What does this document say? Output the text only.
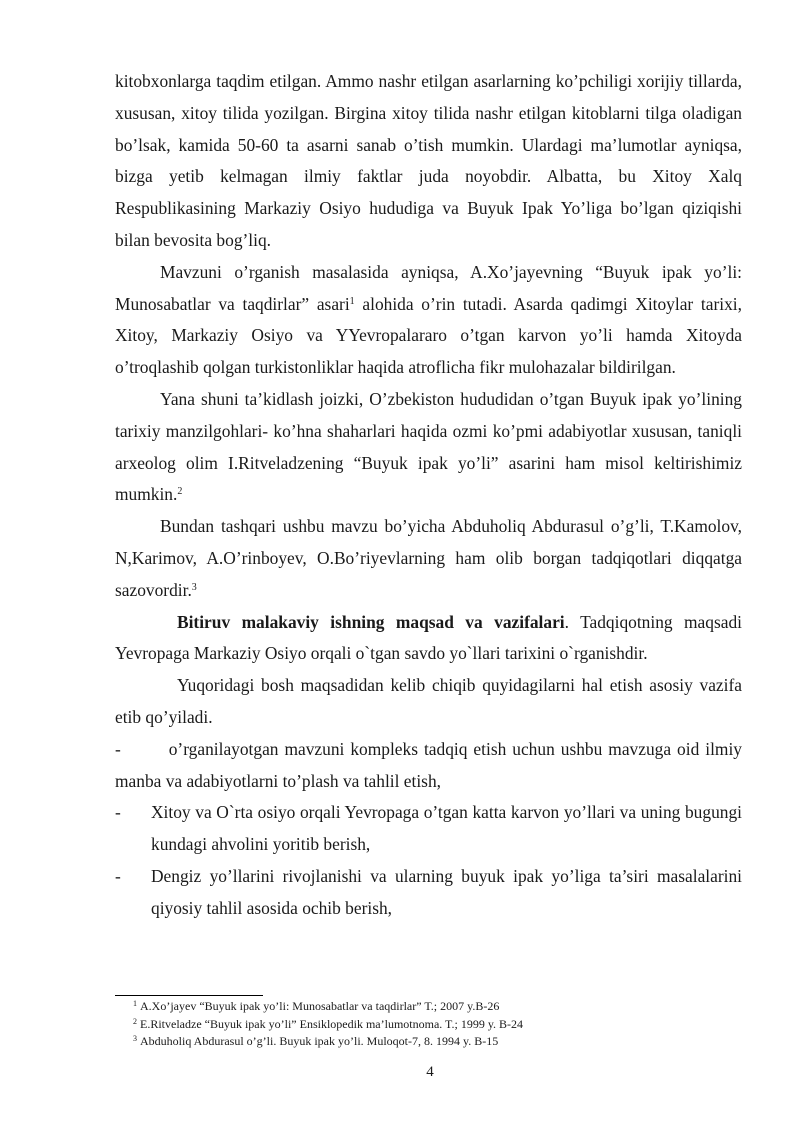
kitobxonlarga taqdim etilgan. Ammo nashr etilgan asarlarning ko’pchiligi xorijiy tillarda, xususan, xitoy tilida yozilgan. Birgina xitoy tilida nashr etilgan kitoblarni tilga oladigan bo’lsak, kamida 50-60 ta asarni sanab o’tish mumkin. Ulardagi ma’lumotlar ayniqsa, bizga yetib kelmagan ilmiy faktlar juda noyobdir. Albatta, bu Xitoy Xalq Respublikasining Markaziy Osiyo hududiga va Buyuk Ipak Yo’liga bo’lgan qiziqishi bilan bevosita bog’liq.

Mavzuni o’rganish masalasida ayniqsa, A.Xo’jayevning “Buyuk ipak yo’li: Munosabatlar va taqdirlar” asari$^1$ alohida o’rin tutadi. Asarda qadimgi Xitoylar tarixi, Xitoy, Markaziy Osiyo va YYevropalararo o’tgan karvon yo’li hamda Xitoyda o’troqlashib qolgan turkistonliklar haqida atroflicha fikr mulohazalar bildirilgan.

Yana shuni ta’kidlash joizki, O’zbekiston hududidan o’tgan Buyuk ipak yo’lining tarixiy manzilgohlari- ko’hna shaharlari haqida ozmi ko’pmi adabiyotlar xususan, taniqli arxeolog olim I.Ritveladzening “Buyuk ipak yo’li” asarini ham misol keltirishimiz mumkin.$^2$

Bundan tashqari ushbu mavzu bo’yicha Abduholiq Abdurasul o’g’li, T.Kamolov, N,Karimov, A.O’rinboyev, O.Bo’riyevlarning ham olib borgan tadqiqotlari diqqatga sazovordir.$^3$

Bitiruv malakaviy ishning maqsad va vazifalari. Tadqiqotning maqsadi Yevropaga Markaziy Osiyo orqali o`tgan savdo yo`llari tarixini o`rganishdir.

Yuqoridagi bosh maqsadidan kelib chiqib quyidagilarni hal etish asosiy vazifa etib qo’yiladi.

-        o’rganilayotgan mavzuni kompleks tadqiq etish uchun ushbu mavzuga oid ilmiy manba va adabiyotlarni to’plash va tahlil etish,

-	Xitoy va O`rta osiyo orqali Yevropaga o’tgan katta karvon yo’llari va uning bugungi kundagi ahvolini yoritib berish,
-	Dengiz yo’llarini rivojlanishi va ularning buyuk ipak yo’liga ta’siri masalalarini qiyosiy tahlil asosida ochib berish,

$^1$ A.Xo’jayev “Buyuk ipak yo’li: Munosabatlar va taqdirlar” T.; 2007 y.B-26

$^2$ E.Ritveladze “Buyuk ipak yo’li” Ensiklopedik ma’lumotnoma. T.; 1999 y. B-24

$^3$ Abduholiq Abdurasul o’g’li. Buyuk ipak yo’li. Muloqot-7, 8. 1994 y. B-15

4
